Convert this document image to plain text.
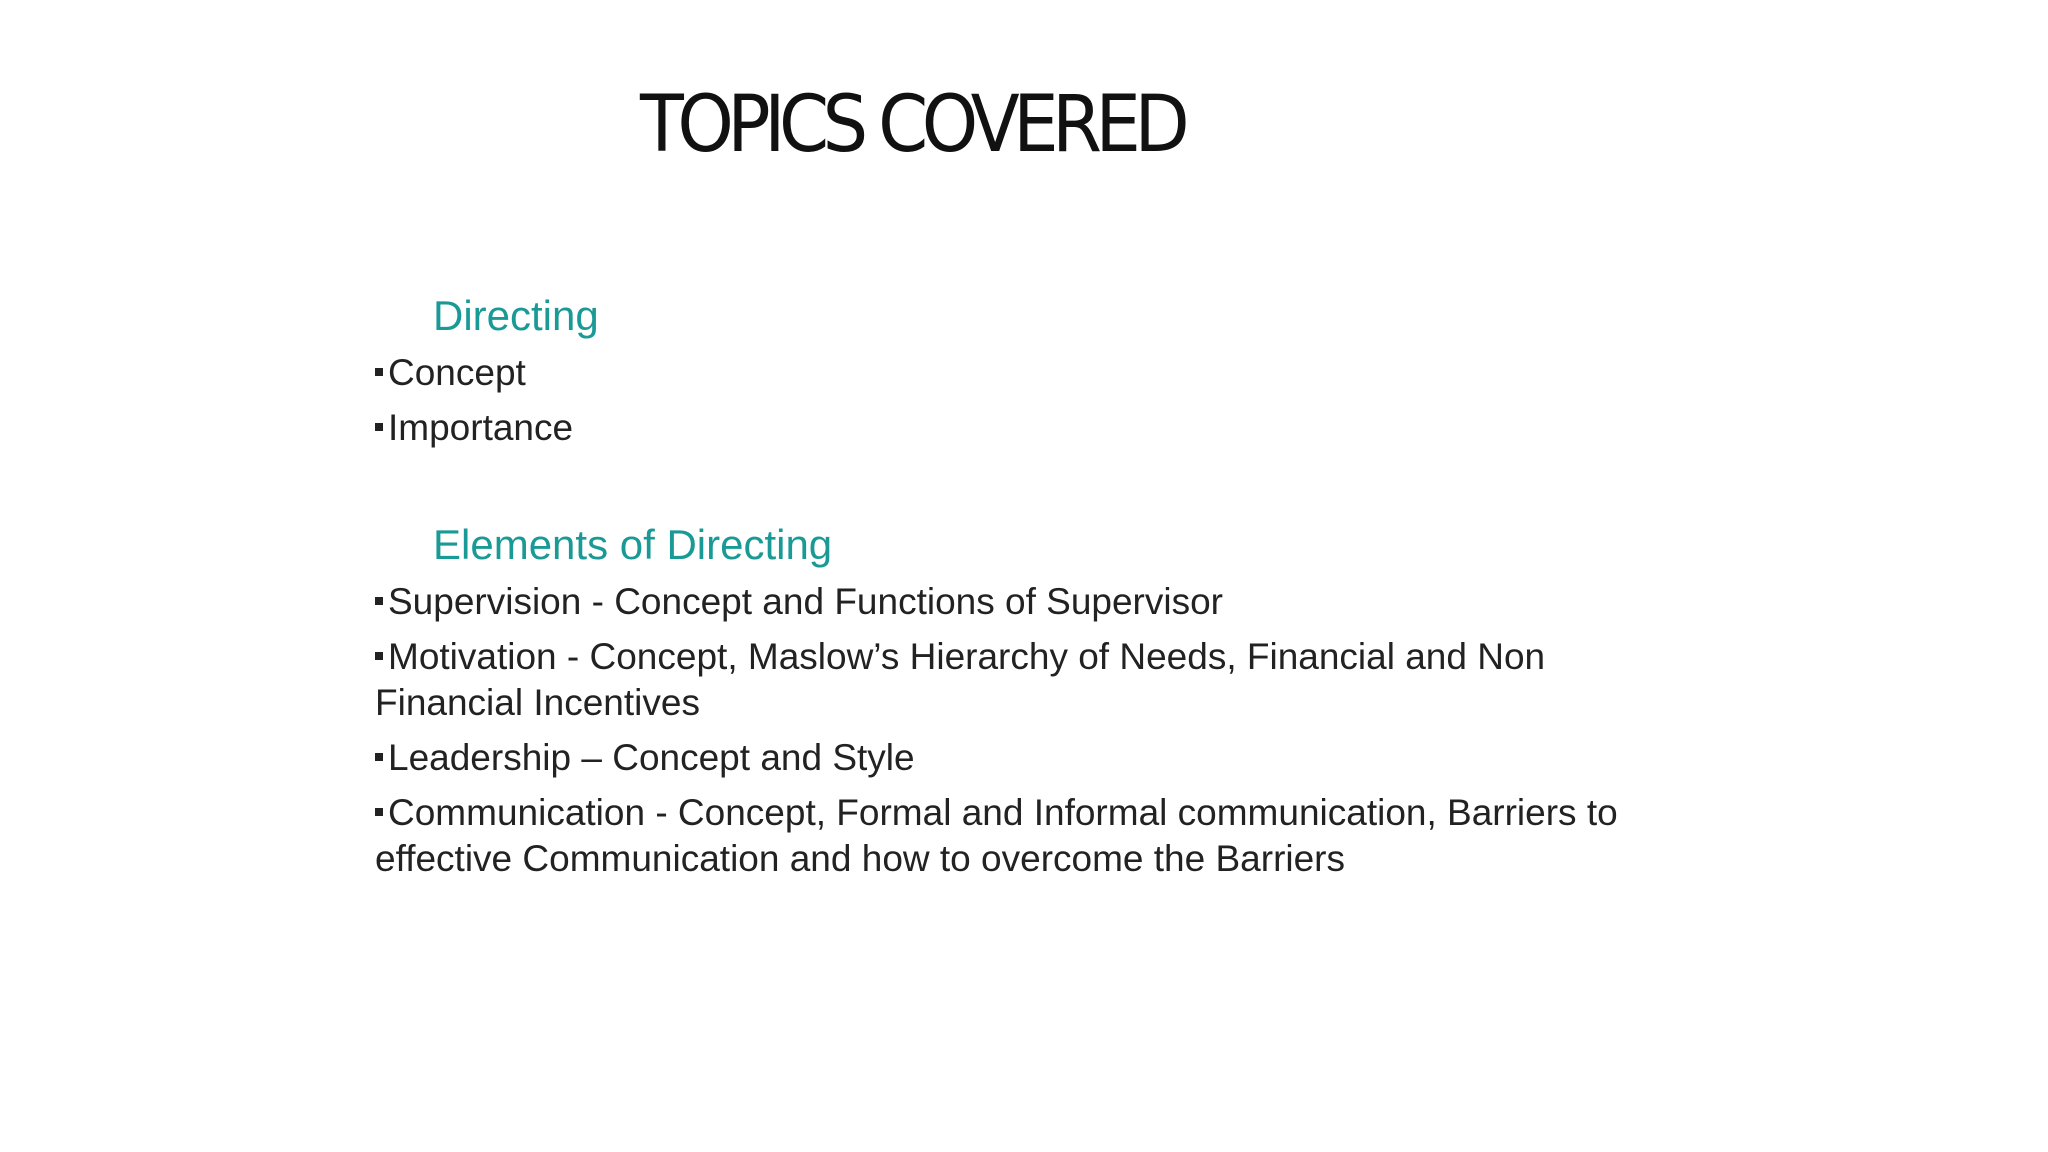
TOPICS COVERED
Directing
Concept
Importance
Elements of Directing
Supervision - Concept and Functions of Supervisor
Motivation - Concept, Maslow’s Hierarchy of Needs, Financial and Non Financial Incentives
Leadership – Concept and Style
Communication - Concept, Formal and Informal communication, Barriers to effective Communication and how to overcome the Barriers
